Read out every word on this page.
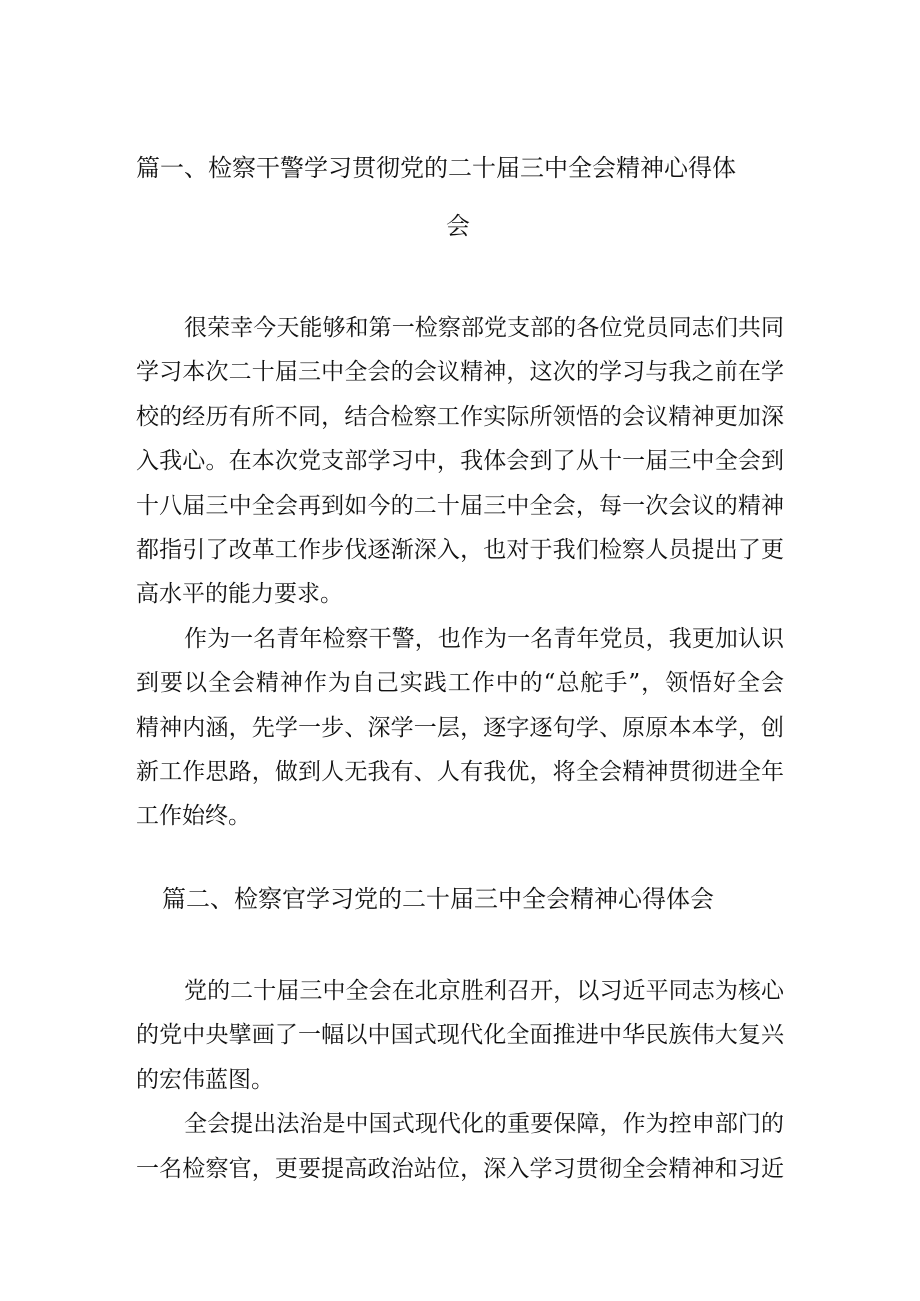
篇一、检察干警学习贯彻党的二十届三中全会精神心得体
会
很荣幸今天能够和第一检察部党支部的各位党员同志们共同
学习本次二十届三中全会的会议精神，这次的学习与我之前在学
校的经历有所不同，结合检察工作实际所领悟的会议精神更加深
入我心。在本次党支部学习中，我体会到了从十一届三中全会到
十八届三中全会再到如今的二十届三中全会，每一次会议的精神
都指引了改革工作步伐逐渐深入，也对于我们检察人员提出了更
高水平的能力要求。
作为一名青年检察干警，也作为一名青年党员，我更加认识
到要以全会精神作为自己实践工作中的“总舵手”，领悟好全会
精神内涵，先学一步、深学一层，逐字逐句学、原原本本学，创
新工作思路，做到人无我有、人有我优，将全会精神贯彻进全年
工作始终。
篇二、检察官学习党的二十届三中全会精神心得体会
党的二十届三中全会在北京胜利召开，以习近平同志为核心
的党中央擘画了一幅以中国式现代化全面推进中华民族伟大复兴
的宏伟蓝图。
全会提出法治是中国式现代化的重要保障，作为控申部门的
一名检察官，更要提高政治站位，深入学习贯彻全会精神和习近
